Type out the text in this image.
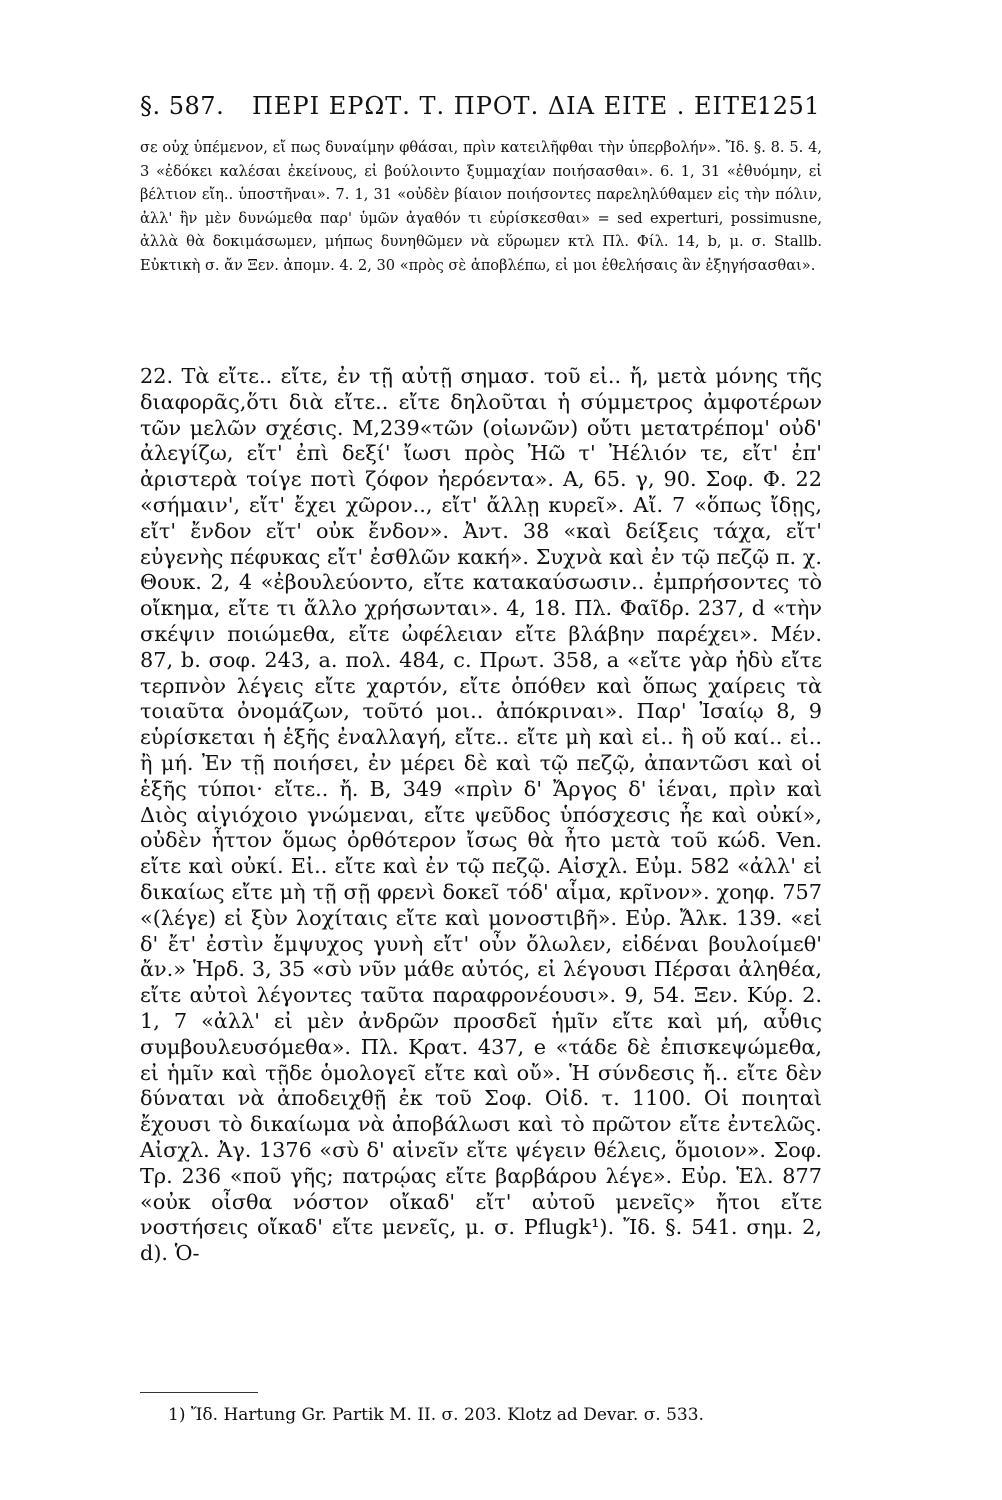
§. 587. ΠΕΡΙ ΕΡΩΤ. Τ. ΠΡΟΤ. ΔΙΑ ΕΙΤΕ . ΕΙΤΕ.
1251
σε οὐχ ὑπέμενον, εἴ πως δυναίμην φθάσαι, πρὶν κατειλῆφθαι τὴν ὑπερβολήν». Ἴδ. §. 8. 5. 4, 3 «ἐδόκει καλέσαι ἐκείνους, εἰ βούλοιντο ξυμμαχίαν ποιήσασθαι». 6. 1, 31 «ἐθυόμην, εἰ βέλτιον εἴη.. ὑποστῆναι». 7. 1, 31 «οὐδὲν βίαιον ποιήσοντες παρεληλύθαμεν εἰς τὴν πόλιν, ἀλλ' ἢν μὲν δυνώμεθα παρ' ὑμῶν ἀγαθόν τι εὑρίσκεσθαι» = sed experturi, possimusne, ἀλλὰ θὰ δοκιμάσωμεν, μήπως δυνηθῶμεν νὰ εὕρωμεν κτλ Πλ. Φίλ. 14, b, μ. σ. Stallb. Εὐκτικὴ σ. ἄν Ξεν. ἀπομν. 4. 2, 30 «πρὸς σὲ ἀποβλέπω, εἰ μοι ἐθελήσαις ἂν ἐξηγήσασθαι».
22. Τὰ εἴτε.. εἴτε, ἐν τῇ αὐτῇ σημασ. τοῦ εἰ.. ἤ, μετὰ μόνης τῆς διαφορᾶς,ὅτι διὰ εἴτε.. εἴτε δηλοῦται ἡ σύμμετρος ἀμφοτέρων τῶν μελῶν σχέσις. Μ,239«τῶν (οἰωνῶν) οὔτι μετατρέπομ' οὐδ' ἀλεγίζω, εἴτ' ἐπὶ δεξί' ἴωσι πρὸς Ἠῶ τ' Ἠέλιόν τε, εἴτ' ἐπ' ἀριστερὰ τοίγε ποτὶ ζόφον ἠερόεντα». Α, 65. γ, 90. Σοφ. Φ. 22 «σήμαιν', εἴτ' ἔχει χῶρον.., εἴτ' ἄλλῃ κυρεῖ». Αἴ. 7 «ὅπως ἴδῃς, εἴτ' ἔνδον εἴτ' οὐκ ἔνδον». Ἀντ. 38 «καὶ δείξεις τάχα, εἴτ' εὐγενὴς πέφυκας εἴτ' ἐσθλῶν κακή». Συχνὰ καὶ ἐν τῷ πεζῷ π. χ. Θουκ. 2, 4 «ἐβουλεύοντο, εἴτε κατακαύσωσιν.. ἐμπρήσοντες τὸ οἴκημα, εἴτε τι ἄλλο χρήσωνται». 4, 18. Πλ. Φαῖδρ. 237, d «τὴν σκέψιν ποιώμεθα, εἴτε ὠφέλειαν εἴτε βλάβην παρέχει». Μέν. 87, b. σοφ. 243, a. πολ. 484, c. Πρωτ. 358, a «εἴτε γὰρ ἡδὺ εἴτε τερπνὸν λέγεις εἴτε χαρτόν, εἴτε ὁπόθεν καὶ ὅπως χαίρεις τὰ τοιαῦτα ὀνομάζων, τοῦτό μοι.. ἀπόκριναι». Παρ' Ἰσαίῳ 8, 9 εὑρίσκεται ἡ ἑξῆς ἐναλλαγή, εἴτε.. εἴτε μὴ καὶ εἰ.. ἢ οὔ καί.. εἰ.. ἢ μή. Ἐν τῇ ποιήσει, ἐν μέρει δὲ καὶ τῷ πεζῷ, ἀπαντῶσι καὶ οἱ ἑξῆς τύποι· εἴτε.. ἤ. Β, 349 «πρὶν δ' Ἄργος δ' ἰέναι, πρὶν καὶ Διὸς αἰγιόχοιο γνώμεναι, εἴτε ψεῦδος ὑπόσχεσις ἦε καὶ οὐκί», οὐδὲν ἧττον ὅμως ὀρθότερον ἴσως θὰ ἦτο μετὰ τοῦ κώδ. Ven. εἴτε καὶ οὐκί. Εἰ.. εἴτε καὶ ἐν τῷ πεζῷ. Αἰσχλ. Εὐμ. 582 «ἀλλ' εἰ δικαίως εἴτε μὴ τῇ σῇ φρενὶ δοκεῖ τόδ' αἷμα, κρῖνον». χοηφ. 757 «(λέγε) εἰ ξὺν λοχίταις εἴτε καὶ μονοστιβῆ». Εὐρ. Ἄλκ. 139. «εἰ δ' ἔτ' ἐστὶν ἔμψυχος γυνὴ εἴτ' οὖν ὄλωλεν, εἰδέναι βουλοίμεθ' ἄν.» Ἡρδ. 3, 35 «σὺ νῦν μάθε αὐτός, εἰ λέγουσι Πέρσαι ἀληθέα, εἴτε αὐτοὶ λέγοντες ταῦτα παραφρονέουσι». 9, 54. Ξεν. Κύρ. 2. 1, 7 «ἀλλ' εἰ μὲν ἀνδρῶν προσδεῖ ἡμῖν εἴτε καὶ μή, αὖθις συμβουλευσόμεθα». Πλ. Κρατ. 437, e «τάδε δὲ ἐπισκεψώμεθα, εἰ ἡμῖν καὶ τῇδε ὁμολογεῖ εἴτε καὶ οὔ». Ἡ σύνδεσις ἤ.. εἴτε δὲν δύναται νὰ ἀποδειχθῇ ἐκ τοῦ Σοφ. Οἰδ. τ. 1100. Οἱ ποιηταὶ ἔχουσι τὸ δικαίωμα νὰ ἀποβάλωσι καὶ τὸ πρῶτον εἴτε ἐντελῶς. Αἰσχλ. Ἀγ. 1376 «σὺ δ' αἰνεῖν εἴτε ψέγειν θέλεις, ὅμοιον». Σοφ. Τρ. 236 «ποῦ γῆς; πατρῴας εἴτε βαρβάρου λέγε». Εὐρ. Ἑλ. 877 «οὐκ οἶσθα νόστον οἴκαδ' εἴτ' αὐτοῦ μενεῖς» ἤτοι εἴτε νοστήσεις οἴκαδ' εἴτε μενεῖς, μ. σ. Pflugk¹). Ἴδ. §. 541. σημ. 2, d). Ὁ-
1) Ἴδ. Hartung Gr. Partik M. II. σ. 203. Klotz ad Devar. σ. 533.
